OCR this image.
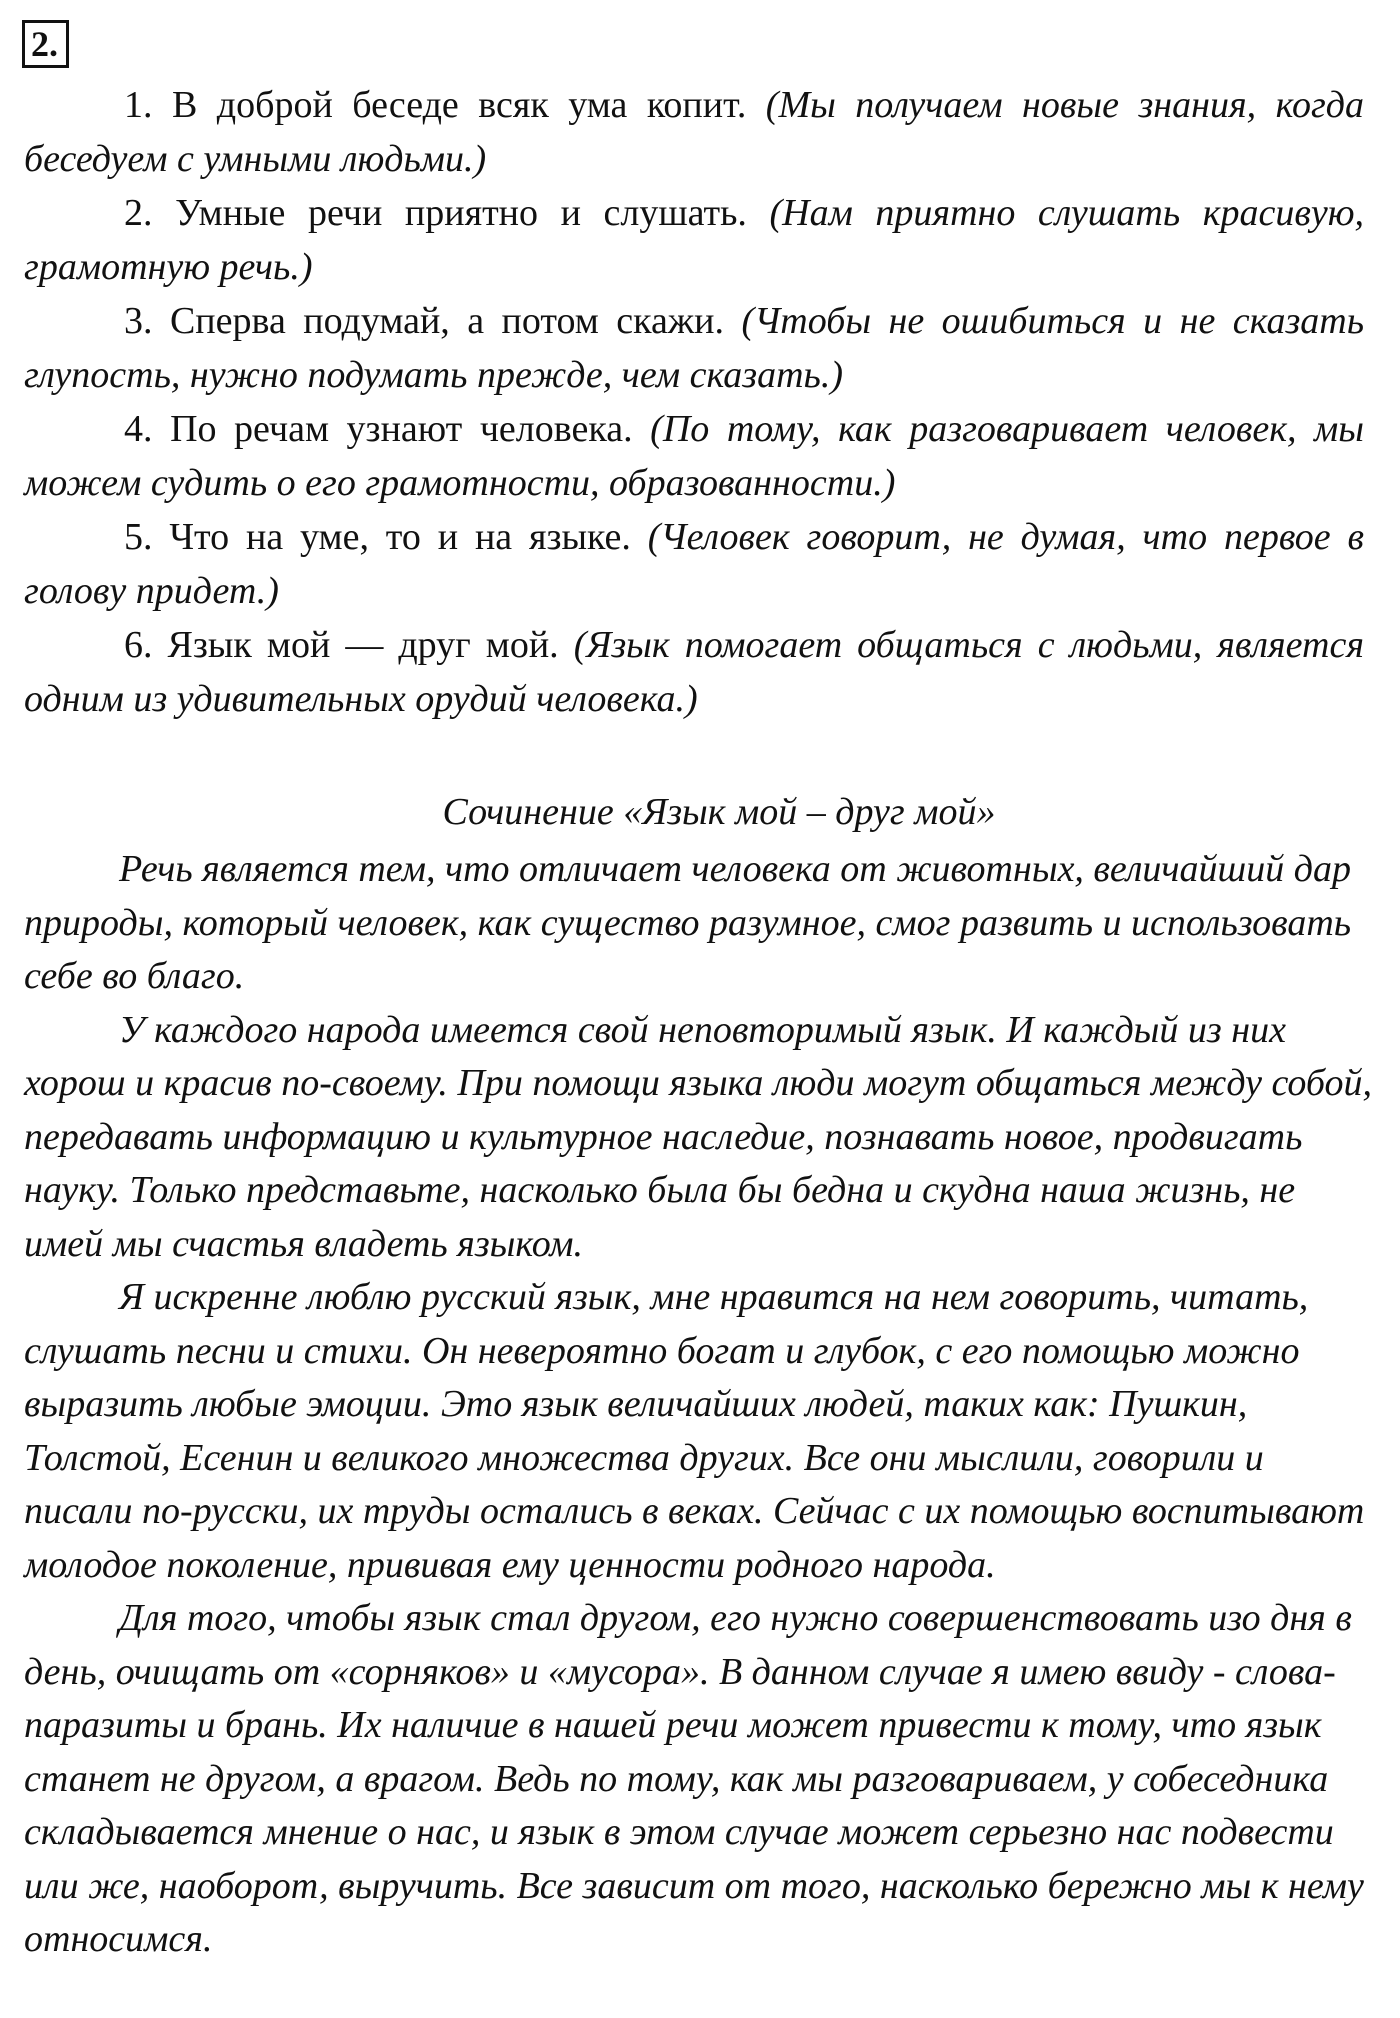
2.

1. В доброй беседе всяк ума копит. (Мы получаем новые знания, когда беседуем с умными людьми.)

2. Умные речи приятно и слушать. (Нам приятно слушать красивую, грамотную речь.)

3. Сперва подумай, а потом скажи. (Чтобы не ошибиться и не сказать глупость, нужно подумать прежде, чем сказать.)

4. По речам узнают человека. (По тому, как разговаривает человек, мы можем судить о его грамотности, образованности.)

5. Что на уме, то и на языке. (Человек говорит, не думая, что первое в голову придет.)

6. Язык мой — друг мой. (Язык помогает общаться с людьми, является одним из удивительных орудий человека.)

Сочинение «Язык мой – друг мой»

Речь является тем, что отличает человека от животных, величайший дар природы, который человек, как существо разумное, смог развить и использовать себе во благо.

У каждого народа имеется свой неповторимый язык. И каждый из них хорош и красив по-своему. При помощи языка люди могут общаться между собой, передавать информацию и культурное наследие, познавать новое, продвигать науку. Только представьте, насколько была бы бедна и скудна наша жизнь, не имей мы счастья владеть языком.

Я искренне люблю русский язык, мне нравится на нем говорить, читать, слушать песни и стихи. Он невероятно богат и глубок, с его помощью можно выразить любые эмоции. Это язык величайших людей, таких как: Пушкин, Толстой, Есенин и великого множества других. Все они мыслили, говорили и писали по-русски, их труды остались в веках. Сейчас с их помощью воспитывают молодое поколение, прививая ему ценности родного народа.

Для того, чтобы язык стал другом, его нужно совершенствовать изо дня в день, очищать от «сорняков» и «мусора». В данном случае я имею ввиду - слова-паразиты и брань. Их наличие в нашей речи может привести к тому, что язык станет не другом, а врагом. Ведь по тому, как мы разговариваем, у собеседника складывается мнение о нас, и язык в этом случае может серьезно нас подвести или же, наоборот, выручить. Все зависит от того, насколько бережно мы к нему относимся.
